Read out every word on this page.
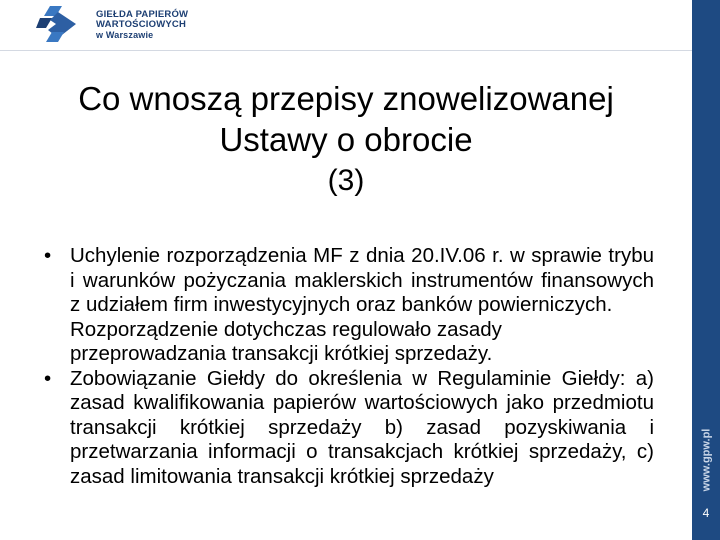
GIEŁDA PAPIERÓW
WARTOŚCIOWYCH
w Warszawie
www.gpw.pl
4
Co wnoszą przepisy znowelizowanej
Ustawy o obrocie
(3)
• Uchylenie rozporządzenia MF z dnia 20.IV.06 r. w sprawie trybu i warunków pożyczania maklerskich instrumentów finansowych z udziałem firm inwestycyjnych oraz banków powierniczych.
Rozporządzenie dotychczas regulowało zasady przeprowadzania transakcji krótkiej sprzedaży.
• Zobowiązanie Giełdy do określenia w Regulaminie Giełdy: a) zasad kwalifikowania papierów wartościowych jako przedmiotu transakcji krótkiej sprzedaży b) zasad pozyskiwania i przetwarzania informacji o transakcjach krótkiej sprzedaży, c) zasad limitowania transakcji krótkiej sprzedaży
